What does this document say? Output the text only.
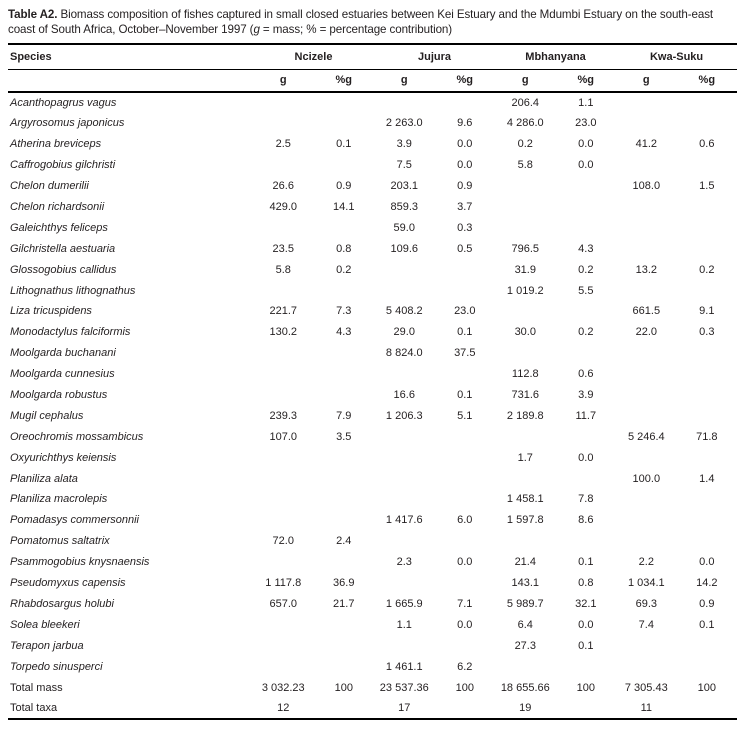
Table A2. Biomass composition of fishes captured in small closed estuaries between Kei Estuary and the Mdumbi Estuary on the south-east coast of South Africa, October–November 1997 (g = mass; % = percentage contribution)

Species	Ncizele		Jujura		Mbhanyana		Kwa-Suku	
	g	%g	g	%g	g	%g	g	%g
Acanthopagrus vagus					206.4	1.1		
Argyrosomus japonicus			2 263.0	9.6	4 286.0	23.0		
Atherina breviceps	2.5	0.1	3.9	0.0	0.2	0.0	41.2	0.6
Caffrogobius gilchristi			7.5	0.0	5.8	0.0		
Chelon dumerilii	26.6	0.9	203.1	0.9			108.0	1.5
Chelon richardsonii	429.0	14.1	859.3	3.7				
Galeichthys feliceps			59.0	0.3				
Gilchristella aestuaria	23.5	0.8	109.6	0.5	796.5	4.3		
Glossogobius callidus	5.8	0.2			31.9	0.2	13.2	0.2
Lithognathus lithognathus					1 019.2	5.5		
Liza tricuspidens	221.7	7.3	5 408.2	23.0			661.5	9.1
Monodactylus falciformis	130.2	4.3	29.0	0.1	30.0	0.2	22.0	0.3
Moolgarda buchanani			8 824.0	37.5				
Moolgarda cunnesius					112.8	0.6		
Moolgarda robustus			16.6	0.1	731.6	3.9		
Mugil cephalus	239.3	7.9	1 206.3	5.1	2 189.8	11.7		
Oreochromis mossambicus	107.0	3.5					5 246.4	71.8
Oxyurichthys keiensis					1.7	0.0		
Planiliza alata							100.0	1.4
Planiliza macrolepis					1 458.1	7.8		
Pomadasys commersonnii			1 417.6	6.0	1 597.8	8.6		
Pomatomus saltatrix	72.0	2.4						
Psammogobius knysnaensis			2.3	0.0	21.4	0.1	2.2	0.0
Pseudomyxus capensis	1 117.8	36.9			143.1	0.8	1 034.1	14.2
Rhabdosargus holubi	657.0	21.7	1 665.9	7.1	5 989.7	32.1	69.3	0.9
Solea bleekeri			1.1	0.0	6.4	0.0	7.4	0.1
Terapon jarbua					27.3	0.1		
Torpedo sinusperci			1 461.1	6.2				
Total mass	3 032.23	100	23 537.36	100	18 655.66	100	7 305.43	100
Total taxa	12		17		19		11	
